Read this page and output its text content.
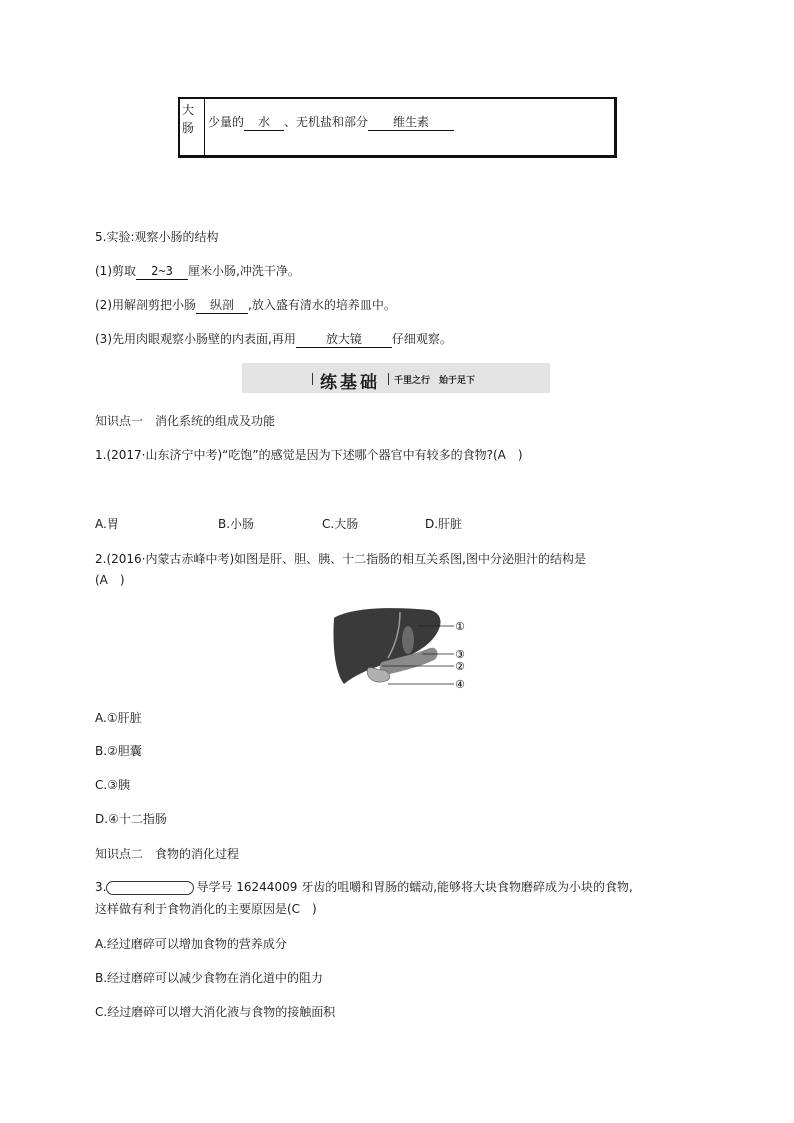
大
肠 少量的 水 、无机盐和部分 维生素
5.实验:观察小肠的结构
(1)剪取 2~3 厘米小肠,冲洗干净。
(2)用解剖剪把小肠 纵剖 ,放入盛有清水的培养皿中。
(3)先用肉眼观察小肠壁的内表面,再用 放大镜	仔细观察。
练基础 千里之行　始于足下
知识点一　消化系统的组成及功能
1.(2017·山东济宁中考)“吃饱”的感觉是因为下述哪个器官中有较多的食物?(A　)
A.胃	B.小肠	C.大肠	D.肝脏
2.(2016·内蒙古赤峰中考)如图是肝、胆、胰、十二指肠的相互关系图,图中分泌胆汁的结构是
(A　)
①
③
②
④
A.①肝脏
B.②胆囊
C.③胰
D.④十二指肠
知识点二　食物的消化过程
3.	导学号 16244009 牙齿的咀嚼和胃肠的蠕动,能够将大块食物磨碎成为小块的食物,
这样做有利于食物消化的主要原因是(C　)
A.经过磨碎可以增加食物的营养成分
B.经过磨碎可以减少食物在消化道中的阻力
C.经过磨碎可以增大消化液与食物的接触面积
